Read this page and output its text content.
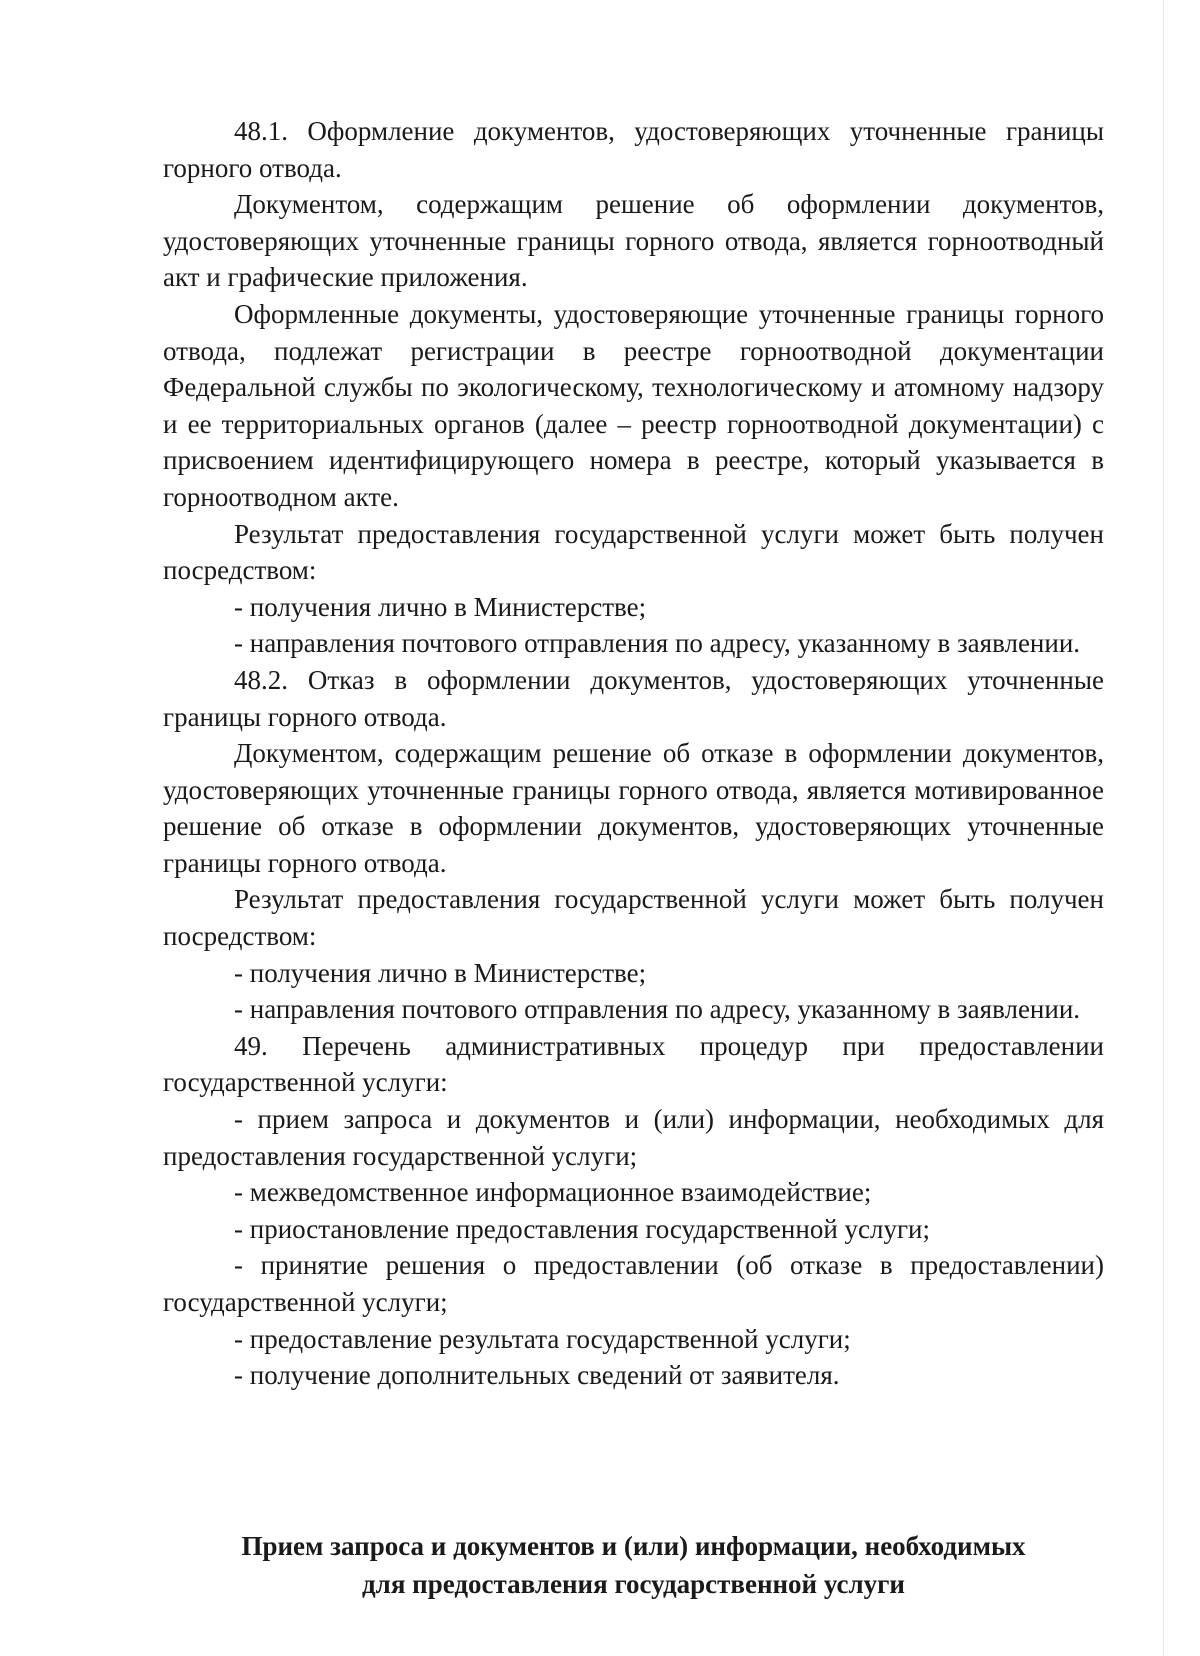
48.1. Оформление документов, удостоверяющих уточненные границы горного отвода.

Документом, содержащим решение об оформлении документов, удостоверяющих уточненные границы горного отвода, является горноотводный акт и графические приложения.

Оформленные документы, удостоверяющие уточненные границы горного отвода, подлежат регистрации в реестре горноотводной документации Федеральной службы по экологическому, технологическому и атомному надзору и ее территориальных органов (далее – реестр горноотводной документации) с присвоением идентифицирующего номера в реестре, который указывается в горноотводном акте.

Результат предоставления государственной услуги может быть получен посредством:

- получения лично в Министерстве;

- направления почтового отправления по адресу, указанному в заявлении.

48.2. Отказ в оформлении документов, удостоверяющих уточненные границы горного отвода.

Документом, содержащим решение об отказе в оформлении документов, удостоверяющих уточненные границы горного отвода, является мотивированное решение об отказе в оформлении документов, удостоверяющих уточненные границы горного отвода.

Результат предоставления государственной услуги может быть получен посредством:

- получения лично в Министерстве;

- направления почтового отправления по адресу, указанному в заявлении.

49. Перечень административных процедур при предоставлении государственной услуги:

- прием запроса и документов и (или) информации, необходимых для предоставления государственной услуги;

- межведомственное информационное взаимодействие;

- приостановление предоставления государственной услуги;

- принятие решения о предоставлении (об отказе в предоставлении) государственной услуги;

- предоставление результата государственной услуги;

- получение дополнительных сведений от заявителя.

Прием запроса и документов и (или) информации, необходимых
для предоставления государственной услуги
